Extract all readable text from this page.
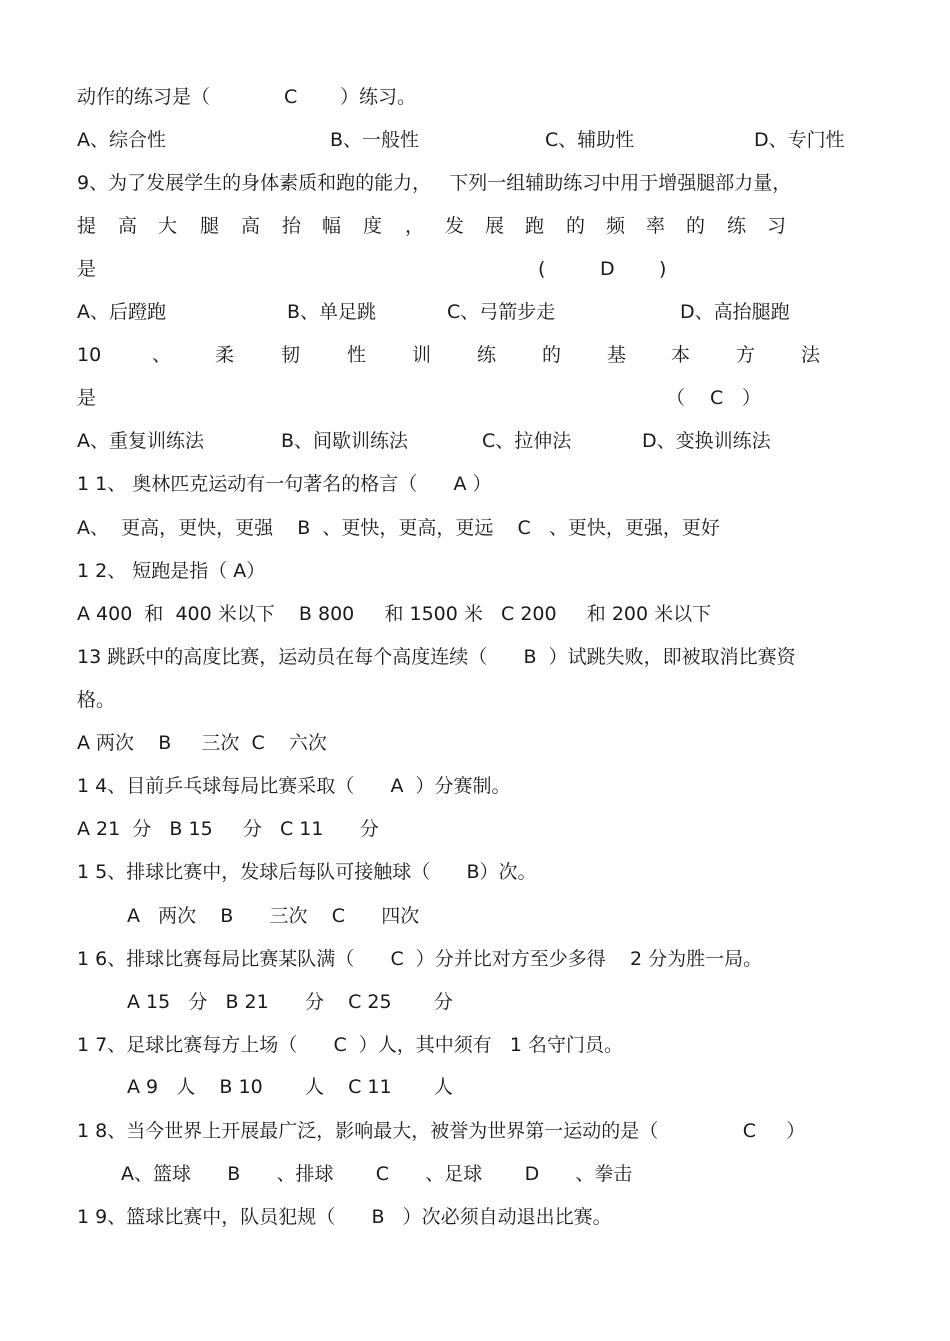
动作的练习是（	C ）练习。
A、综合性	B、一般性	C、辅助性	D、专门性
9、为了发展学生的身体素质和跑的能力，   下列一组辅助练习中用于增强腿部力量，
提 高 大 腿 高 抬 幅 度 ， 发 展 跑 的 频 率 的 练 习
是	(	D )
A、后蹬跑	B、单足跳	C、弓箭步走	D、高抬腿跑
10	、 柔 韧 性 训 练 的 基 本 方 法
是	（ C ）
A、重复训练法	B、间歇训练法	C、拉伸法	D、变换训练法
1 1、 奥林匹克运动有一句著名的格言（      A ）
A、  更高，更快，更强    B  、更快，更高，更远    C   、更快，更强，更好
1 2、 短跑是指（ A）
A 400  和  400 米以下    B 800     和 1500 米   C 200     和 200 米以下
13 跳跃中的高度比赛，运动员在每个高度连续（      B  ）试跳失败，即被取消比赛资
格。
A 两次    B     三次  C    六次
1 4、目前乒乓球每局比赛采取（      A  ）分赛制。
A 21  分   B 15     分   C 11      分
1 5、排球比赛中，发球后每队可接触球（      B）次。
A   两次    B      三次    C      四次
1 6、排球比赛每局比赛某队满（      C  ）分并比对方至少多得    2 分为胜一局。
A 15   分   B 21      分    C 25       分
1 7、足球比赛每方上场（      C  ）人，其中须有   1 名守门员。
A 9   人    B 10       人    C 11       人
1 8、当今世界上开展最广泛，影响最大，被誉为世界第一运动的是（              C     ）
A、篮球      B      、排球       C      、足球       D      、拳击
1 9、篮球比赛中，队员犯规（      B   ）次必须自动退出比赛。
